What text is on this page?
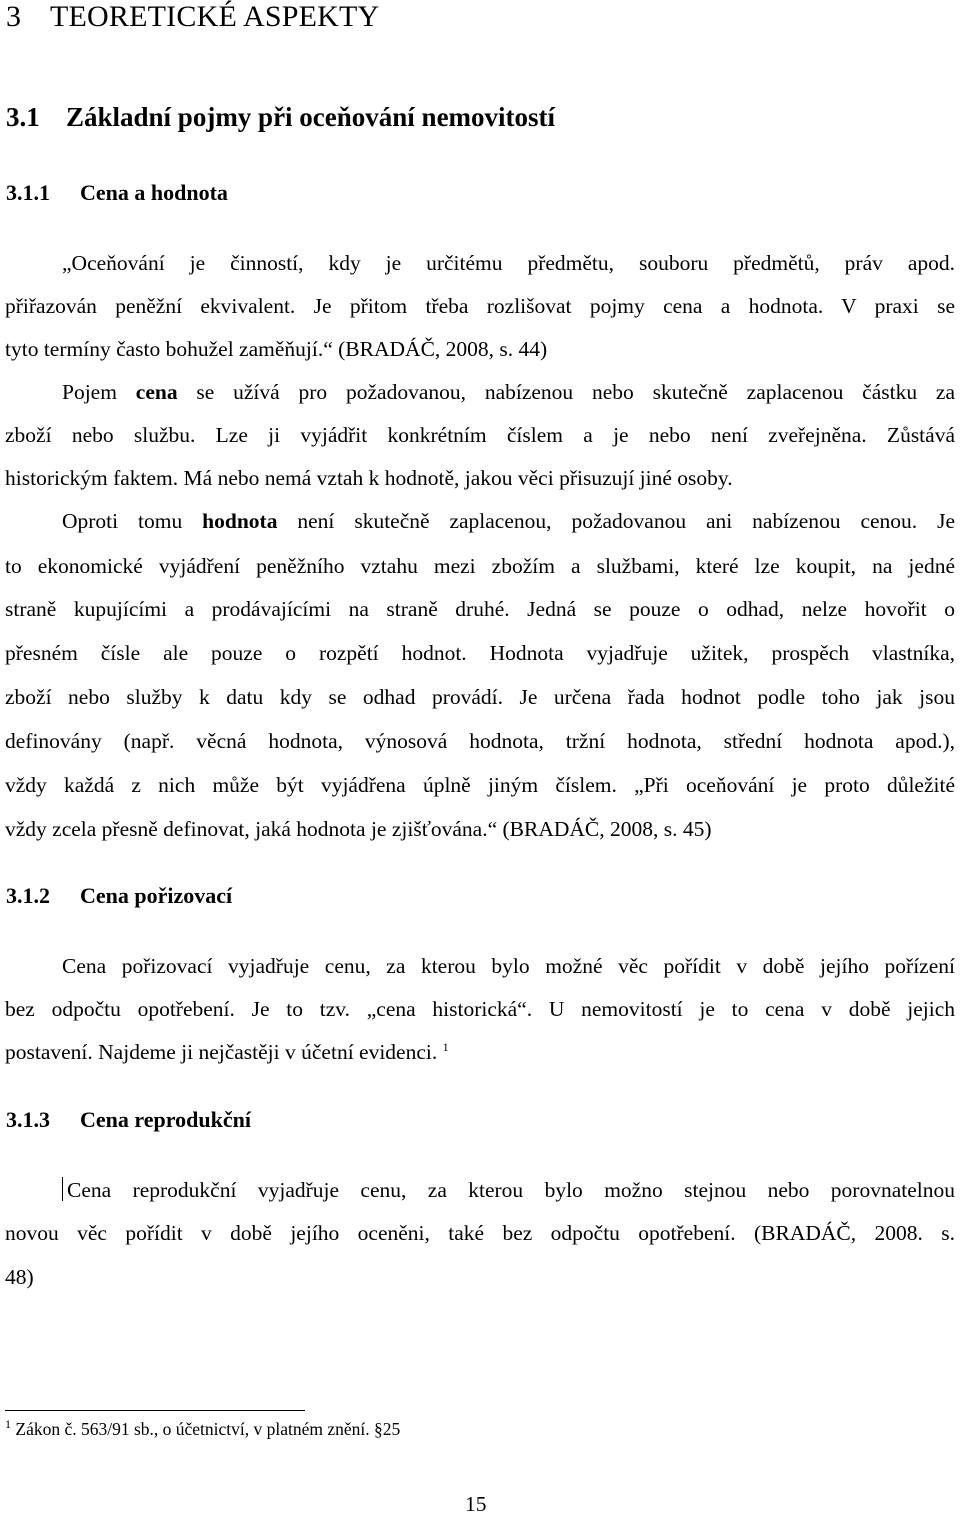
3 TEORETICKÉ ASPEKTY
3.1 Základní pojmy při oceňování nemovitostí
3.1.1 Cena a hodnota
„Oceňování je činností, kdy je určitému předmětu, souboru předmětů, práv apod.
přiřazován peněžní ekvivalent. Je přitom třeba rozlišovat pojmy cena a hodnota. V praxi se
tyto termíny často bohužel zaměňují.“ (BRADÁČ, 2008, s. 44)
Pojem cena se užívá pro požadovanou, nabízenou nebo skutečně zaplacenou částku za
zboží nebo službu. Lze ji vyjádřit konkrétním číslem a je nebo není zveřejněna. Zůstává
historickým faktem. Má nebo nemá vztah k hodnotě, jakou věci přisuzují jiné osoby.
Oproti tomu hodnota není skutečně zaplacenou, požadovanou ani nabízenou cenou. Je
to ekonomické vyjádření peněžního vztahu mezi zbožím a službami, které lze koupit, na jedné
straně kupujícími a prodávajícími na straně druhé. Jedná se pouze o odhad, nelze hovořit o
přesném čísle ale pouze o rozpětí hodnot. Hodnota vyjadřuje užitek, prospěch vlastníka,
zboží nebo služby k datu kdy se odhad provádí. Je určena řada hodnot podle toho jak jsou
definovány (např. věcná hodnota, výnosová hodnota, tržní hodnota, střední hodnota apod.),
vždy každá z nich může být vyjádřena úplně jiným číslem. „Při oceňování je proto důležité
vždy zcela přesně definovat, jaká hodnota je zjišťována.“ (BRADÁČ, 2008, s. 45)
3.1.2 Cena pořizovací
Cena pořizovací vyjadřuje cenu, za kterou bylo možné věc pořídit v době jejího pořízení
bez odpočtu opotřebení. Je to tzv. „cena historická“. U nemovitostí je to cena v době jejich
postavení. Najdeme ji nejčastěji v účetní evidenci. $^1$
3.1.3 Cena reprodukční
Cena reprodukční vyjadřuje cenu, za kterou bylo možno stejnou nebo porovnatelnou
novou věc pořídit v době jejího oceněni, také bez odpočtu opotřebení. (BRADÁČ, 2008. s.
48)
$^1$ Zákon č. 563/91 sb., o účetnictví, v platném znění. §25
15
